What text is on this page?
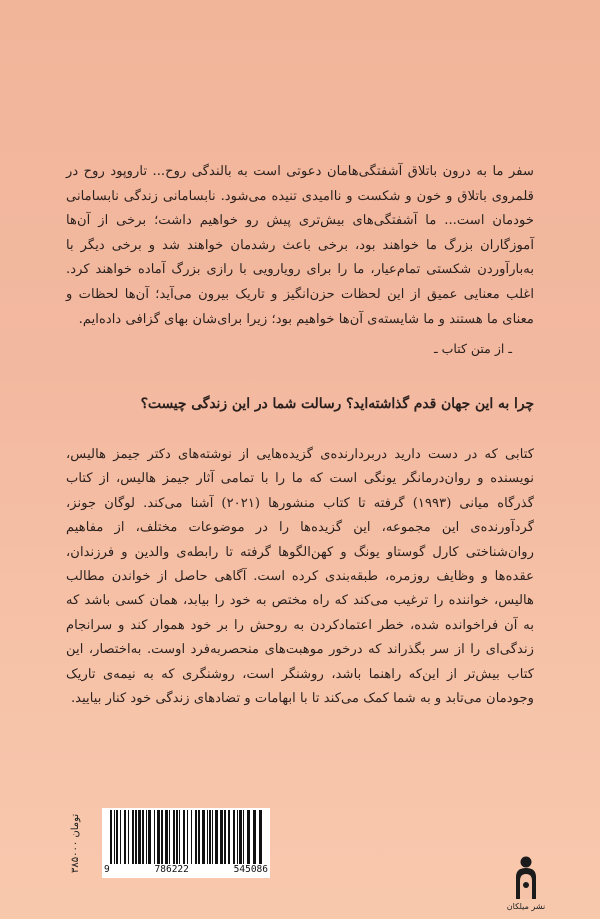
سفر ما به درون باتلاق آشفتگی‌هامان دعوتی است به بالندگی روح... تاروپود روح در قلمروی باتلاق و خون و شکست و ناامیدی تنیده می‌شود. نابسامانی زندگی نابسامانی خودمان است... ما آشفتگی‌های بیش‌تری پیش رو خواهیم داشت؛ برخی از آن‌ها آموزگاران بزرگ ما خواهند بود، برخی باعث رشدمان خواهند شد و برخی دیگر با به‌بارآوردن شکستی تمام‌عیار، ما را برای رویارویی با رازی بزرگ آماده خواهند کرد. اغلب معنایی عمیق از این لحظات حزن‌انگیز و تاریک بیرون می‌آید؛ آن‌ها لحظات و معنای ما هستند و ما شایسته‌ی آن‌ها خواهیم بود؛ زیرا برای‌شان بهای گزافی داده‌ایم.

ـ از متن کتاب ـ

چرا به این جهان قدم گذاشته‌اید؟ رسالت شما در این زندگی چیست؟

کتابی که در دست دارید دربردارنده‌ی گزیده‌هایی از نوشته‌های دکتر جیمز هالیس، نویسنده و روان‌درمانگر یونگی است که ما را با تمامی آثار جیمز هالیس، از کتاب گذرگاه میانی (۱۹۹۳) گرفته تا کتاب منشورها (۲۰۲۱) آشنا می‌کند. لوگان جونز، گردآورنده‌ی این مجموعه، این گزیده‌ها را در موضوعات مختلف، از مفاهیم روان‌شناختی کارل گوستاو یونگ و کهن‌الگوها گرفته تا رابطه‌ی والدین و فرزندان، عقده‌ها و وظایف روزمره، طبقه‌بندی کرده است. آگاهی حاصل از خواندن مطالب هالیس، خواننده را ترغیب می‌کند که راه مختص به خود را بیابد، همان کسی باشد که به آن فراخوانده شده، خطر اعتمادکردن به روحش را بر خود هموار کند و سرانجام زندگی‌ای را از سر بگذراند که درخور موهبت‌های منحصربه‌فرد اوست. به‌اختصار، این کتاب بیش‌تر از این‌که راهنما باشد، روشنگر است، روشنگری که به نیمه‌ی تاریک وجودمان می‌تابد و به شما کمک می‌کند تا با ابهامات و تضادهای زندگی خود کنار بیایید.

۳۸۵۰۰۰ تومان
9	786222	545086
نشر میلکان
